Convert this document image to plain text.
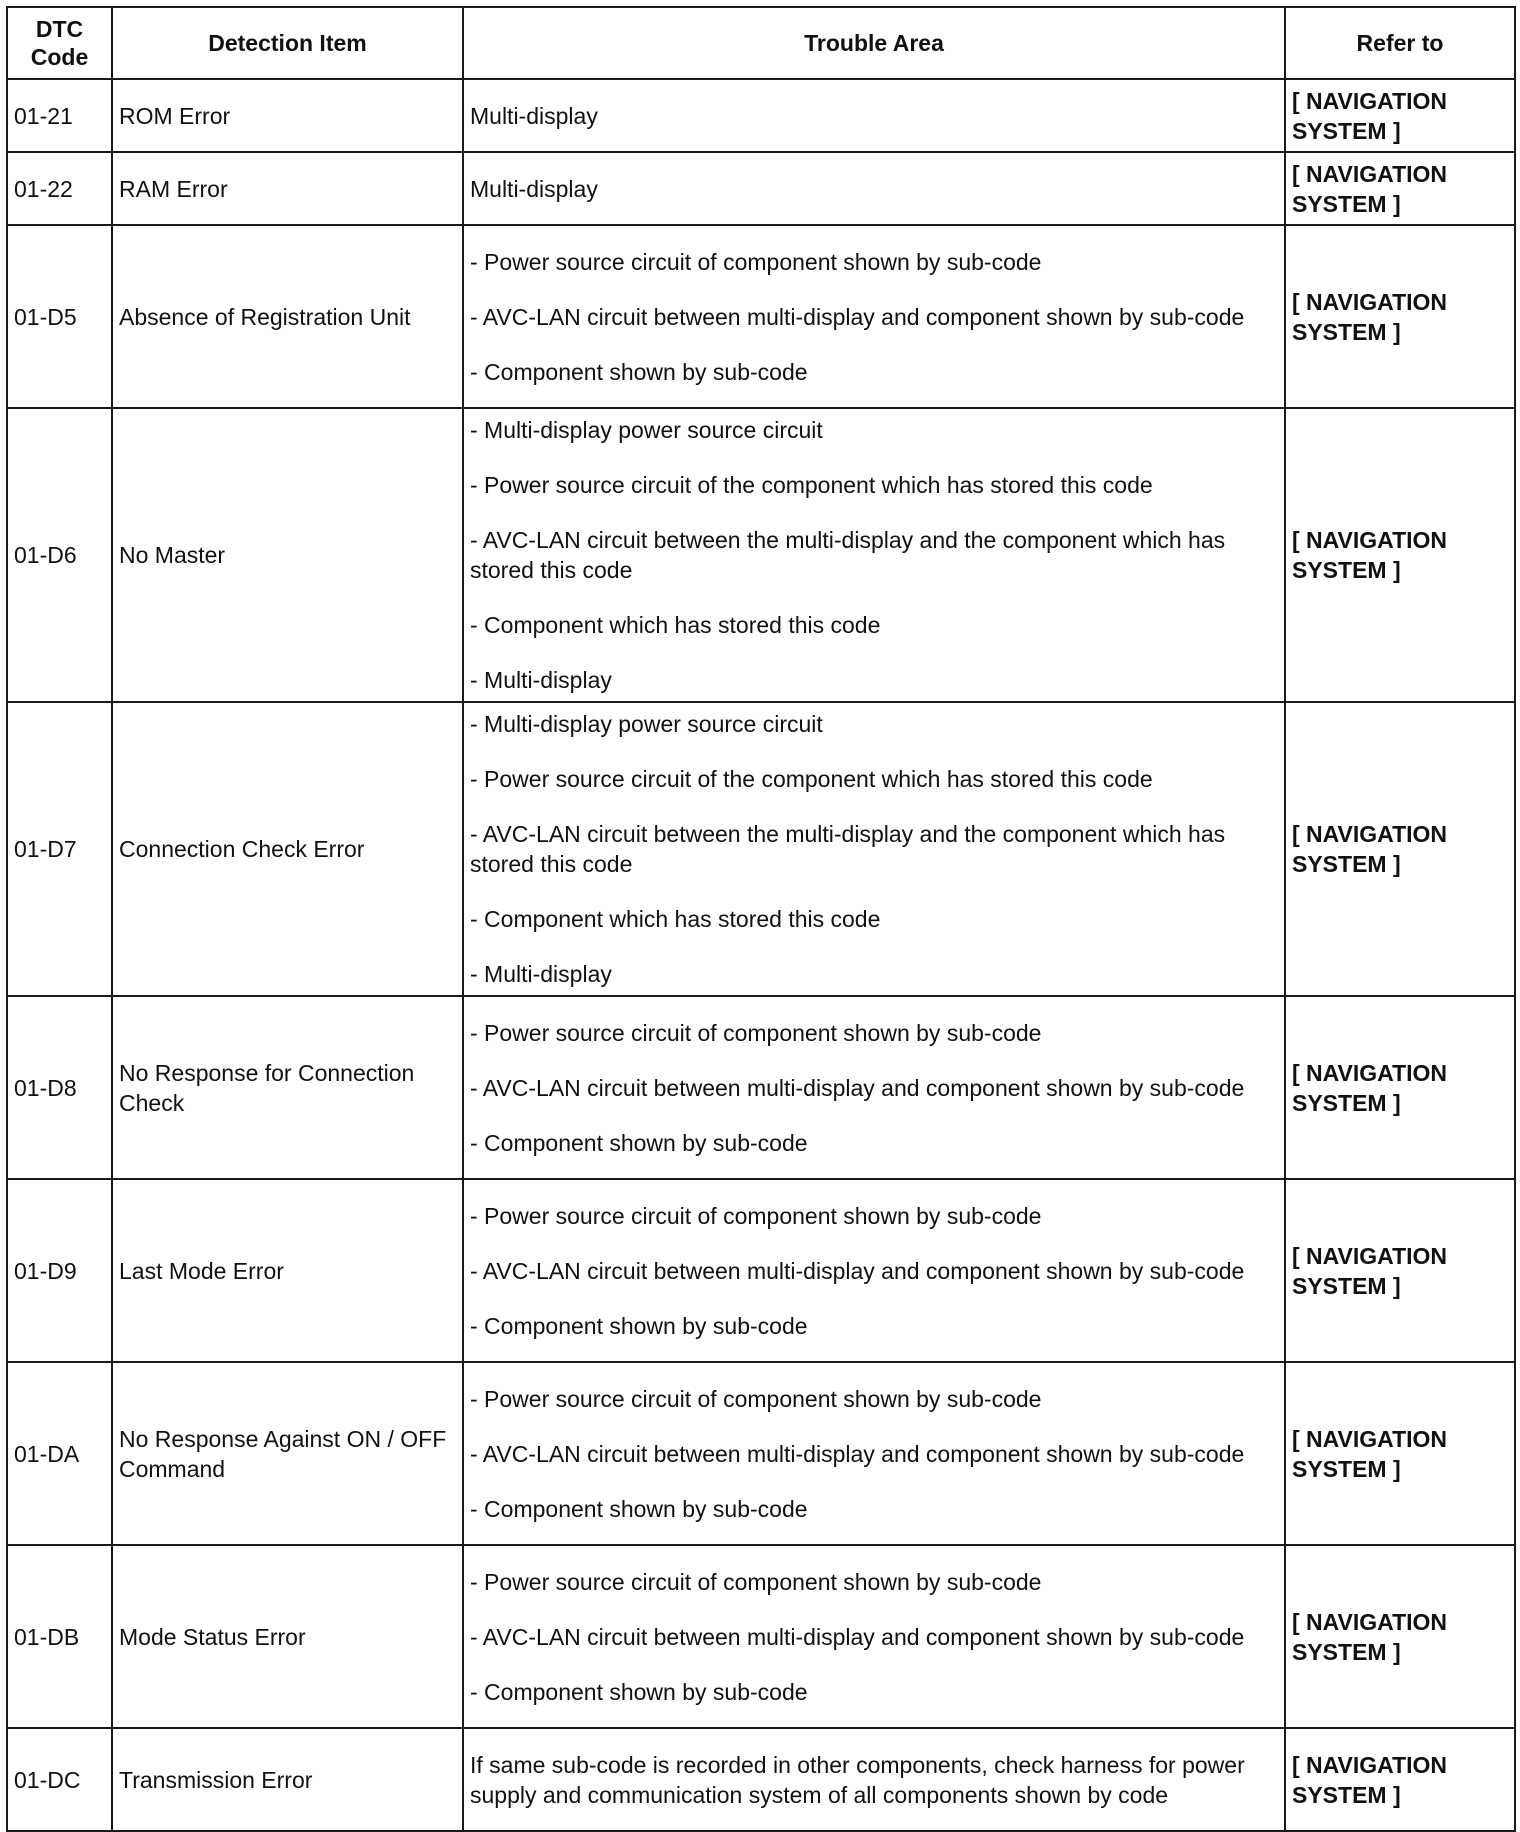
DTC Code	Detection Item	Trouble Area	Refer to
01-21	ROM Error	Multi-display	[ NAVIGATION SYSTEM ]
01-22	RAM Error	Multi-display	[ NAVIGATION SYSTEM ]
01-D5	Absence of Registration Unit	- Power source circuit of component shown by sub-code
- AVC-LAN circuit between multi-display and component shown by sub-code
- Component shown by sub-code	[ NAVIGATION SYSTEM ]
01-D6	No Master	- Multi-display power source circuit
- Power source circuit of the component which has stored this code
- AVC-LAN circuit between the multi-display and the component which has stored this code
- Component which has stored this code
- Multi-display	[ NAVIGATION SYSTEM ]
01-D7	Connection Check Error	- Multi-display power source circuit
- Power source circuit of the component which has stored this code
- AVC-LAN circuit between the multi-display and the component which has stored this code
- Component which has stored this code
- Multi-display	[ NAVIGATION SYSTEM ]
01-D8	No Response for Connection Check	- Power source circuit of component shown by sub-code
- AVC-LAN circuit between multi-display and component shown by sub-code
- Component shown by sub-code	[ NAVIGATION SYSTEM ]
01-D9	Last Mode Error	- Power source circuit of component shown by sub-code
- AVC-LAN circuit between multi-display and component shown by sub-code
- Component shown by sub-code	[ NAVIGATION SYSTEM ]
01-DA	No Response Against ON / OFF Command	- Power source circuit of component shown by sub-code
- AVC-LAN circuit between multi-display and component shown by sub-code
- Component shown by sub-code	[ NAVIGATION SYSTEM ]
01-DB	Mode Status Error	- Power source circuit of component shown by sub-code
- AVC-LAN circuit between multi-display and component shown by sub-code
- Component shown by sub-code	[ NAVIGATION SYSTEM ]
01-DC	Transmission Error	If same sub-code is recorded in other components, check harness for power supply and communication system of all components shown by code	[ NAVIGATION SYSTEM ]
